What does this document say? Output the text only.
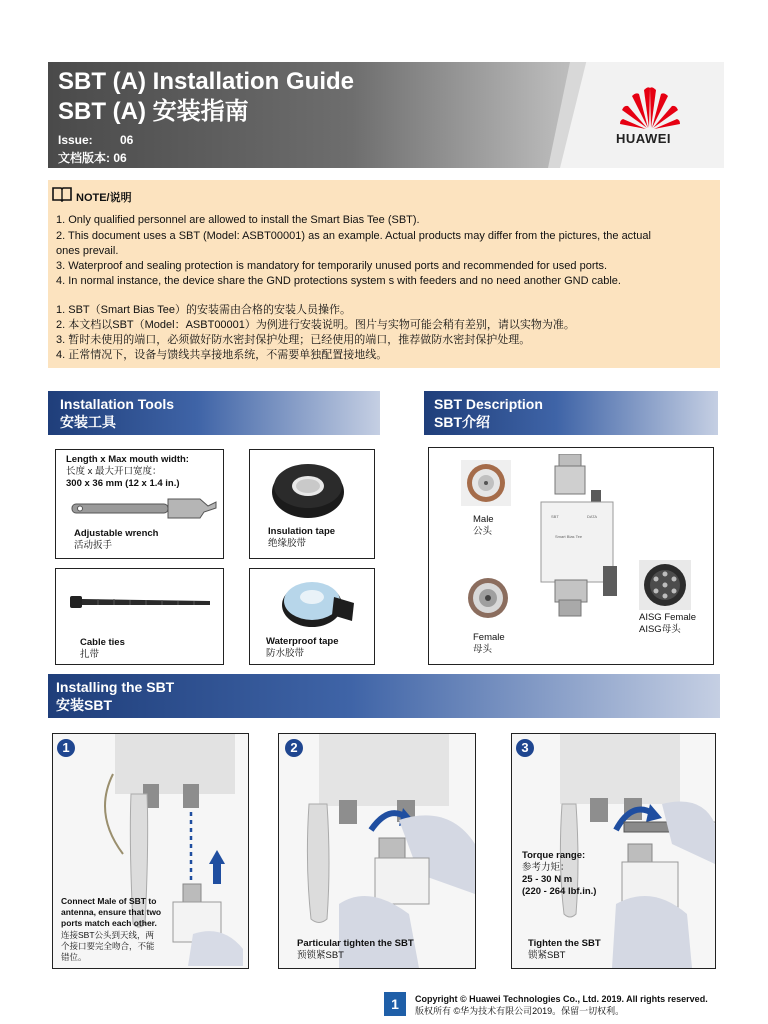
SBT (A) Installation Guide
SBT (A) 安装指南
Issue: 06
文档版本: 06
HUAWEI
NOTE/说明
1. Only qualified personnel are allowed to install the Smart Bias Tee (SBT).
2. This document uses a SBT (Model: ASBT00001) as an example. Actual products may differ from the pictures, the actual
ones prevail.
3. Waterproof and sealing protection is mandatory for temporarily unused ports and recommended for used ports.
4. In normal instance, the device share the GND protections system s with feeders and no need another GND cable.
1. SBT（Smart Bias Tee）的安装需由合格的安装人员操作。
2. 本文档以SBT（Model：ASBT00001）为例进行安装说明。图片与实物可能会稍有差别，请以实物为准。
3. 暂时未使用的端口，必须做好防水密封保护处理；已经使用的端口，推荐做防水密封保护处理。
4. 正常情况下，设备与馈线共享接地系统，不需要单独配置接地线。
Installation Tools
安装工具
Length x Max mouth width:
长度 x 最大开口宽度：
300 x 36 mm (12 x 1.4 in.)
Adjustable wrench
活动扳手
Insulation tape
绝缘胶带
Cable ties
扎带
Waterproof tape
防水胶带
SBT Description
SBT介绍
Male
公头
SBT	DATA
Smart Bias Tee
Female
母头
AISG Female
AISG母头
Installing the SBT
安装SBT
1
Connect Male of SBT to
antenna, ensure that two
ports match each other.
连接SBT公头到天线，两
个接口要完全吻合，不能
错位。
2
Particular tighten the SBT
预锁紧SBT
3
Torque range:
参考力矩：
25 - 30 N m
(220 - 264 lbf.in.)
Tighten the SBT
锁紧SBT
1	Copyright © Huawei Technologies Co., Ltd. 2019. All rights reserved.
版权所有 ©华为技术有限公司2019。保留一切权利。
